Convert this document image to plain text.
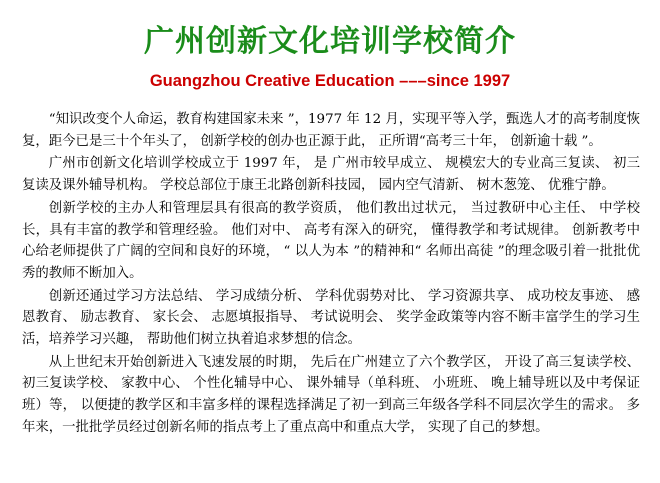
广州创新文化培训学校简介
Guangzhou Creative Education –––since 1997

“知识改变个人命运，教育构建国家未来 ”，1977 年 12 月，实现平等入学，甄选人才的高考制度恢复，距今已是三十个年头了， 创新学校的创办也正源于此， 正所谓“高考三十年， 创新逾十载 ”。

广州市创新文化培训学校成立于 1997 年， 是 广州市较早成立、 规模宏大的专业高三复读、 初三复读及课外辅导机构。 学校总部位于康王北路创新科技园， 园内空气清新、 树木葱笼、 优雅宁静。

创新学校的主办人和管理层具有很高的教学资质， 他们教出过状元， 当过教研中心主任、 中学校长，具有丰富的教学和管理经验。 他们对中、 高考有深入的研究， 懂得教学和考试规律。 创新教考中心给老师提供了广阔的空间和良好的环境， “ 以人为本 ”的精神和“ 名师出高徒 ”的理念吸引着一批批优秀的教师不断加入。

创新还通过学习方法总结、 学习成绩分析、 学科优弱势对比、 学习资源共享、 成功校友事迹、 感恩教育、 励志教育、 家长会、 志愿填报指导、 考试说明会、 奖学金政策等内容不断丰富学生的学习生活，培养学习兴趣， 帮助他们树立执着追求梦想的信念。

从上世纪末开始创新进入飞速发展的时期， 先后在广州建立了六个教学区， 开设了高三复读学校、 初三复读学校、 家教中心、 个性化辅导中心、 课外辅导（单科班、 小班班、 晚上辅导班以及中考保证班）等， 以便捷的教学区和丰富多样的课程选择满足了初一到高三年级各学科不同层次学生的需求。 多年来，一批批学员经过创新名师的指点考上了重点高中和重点大学， 实现了自己的梦想。
